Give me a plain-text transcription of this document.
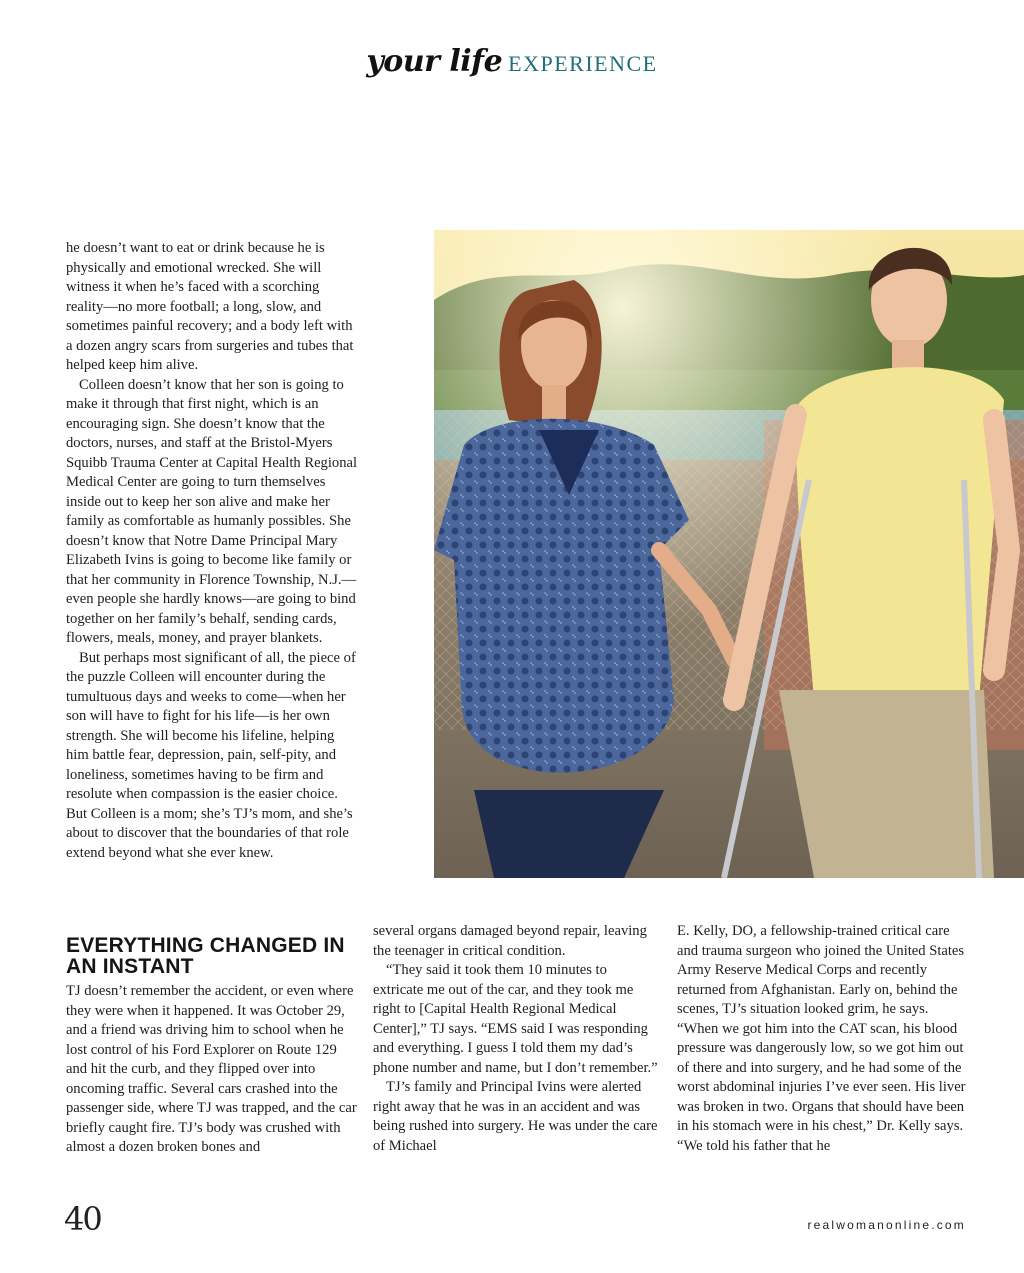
your life EXPERIENCE

he doesn’t want to eat or drink because he is physically and emotional wrecked. She will witness it when he’s faced with a scorching reality—no more football; a long, slow, and sometimes painful recovery; and a body left with a dozen angry scars from surgeries and tubes that helped keep him alive.

Colleen doesn’t know that her son is going to make it through that first night, which is an encouraging sign. She doesn’t know that the doctors, nurses, and staff at the Bristol-Myers Squibb Trauma Center at Capital Health Regional Medical Center are going to turn themselves inside out to keep her son alive and make her family as comfortable as humanly possibles. She doesn’t know that Notre Dame Principal Mary Elizabeth Ivins is going to become like family or that her community in Florence Township, N.J.—even people she hardly knows—are going to bind together on her family’s behalf, sending cards, flowers, meals, money, and prayer blankets.

But perhaps most significant of all, the piece of the puzzle Colleen will encounter during the tumultuous days and weeks to come—when her son will have to fight for his life—is her own strength. She will become his lifeline, helping him battle fear, depression, pain, self-pity, and loneliness, sometimes having to be firm and resolute when compassion is the easier choice. But Colleen is a mom; she’s TJ’s mom, and she’s about to discover that the boundaries of that role extend beyond what she ever knew.

EVERYTHING CHANGED IN AN INSTANT

TJ doesn’t remember the accident, or even where they were when it happened. It was October 29, and a friend was driving him to school when he lost control of his Ford Explorer on Route 129 and hit the curb, and they flipped over into oncoming traffic. Several cars crashed into the passenger side, where TJ was trapped, and the car briefly caught fire. TJ’s body was crushed with almost a dozen broken bones and

several organs damaged beyond repair, leaving the teenager in critical condition.

“They said it took them 10 minutes to extricate me out of the car, and they took me right to [Capital Health Regional Medical Center],” TJ says. “EMS said I was responding and everything. I guess I told them my dad’s phone number and name, but I don’t remember.”

TJ’s family and Principal Ivins were alerted right away that he was in an accident and was being rushed into surgery. He was under the care of Michael

E. Kelly, DO, a fellowship-trained critical care and trauma surgeon who joined the United States Army Reserve Medical Corps and recently returned from Afghanistan. Early on, behind the scenes, TJ’s situation looked grim, he says. “When we got him into the CAT scan, his blood pressure was dangerously low, so we got him out of there and into surgery, and he had some of the worst abdominal injuries I’ve ever seen. His liver was broken in two. Organs that should have been in his stomach were in his chest,” Dr. Kelly says. “We told his father that he

40	realwomanonline.com
